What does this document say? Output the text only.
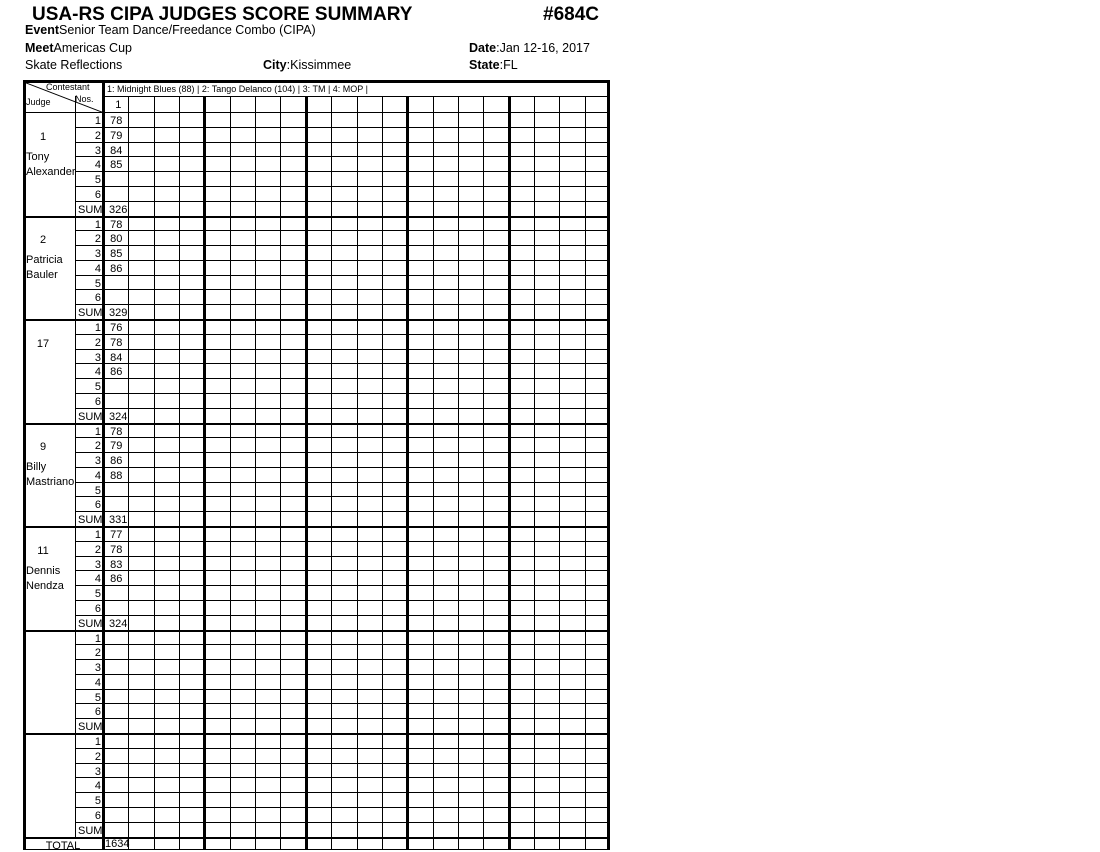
USA-RS CIPA JUDGES SCORE SUMMARY	#684C
EventSenior Team Dance/Freedance Combo (CIPA)
MeetAmericas Cup	Date:Jan 12-16, 2017
Skate Reflections	City:Kissimmee	State:FL
Contestant
Nos.
Judge
1: Midnight Blues (88) | 2: Tango Delanco (104) | 3: TM | 4: MOP |
1
1
Tony
Alexander
1 78
2 79
3 84
4 85
5
6
SUM 326
2
Patricia
Bauler
1 78
2 80
3 85
4 86
5
6
SUM 329
17
1 76
2 78
3 84
4 86
5
6
SUM 324
9
Billy
Mastriano
1 78
2 79
3 86
4 88
5
6
SUM 331
11
Dennis
Nendza
1 77
2 78
3 83
4 86
5
6
SUM 324
1
2
3
4
5
6
SUM
1
2
3
4
5
6
SUM
TOTAL	1634
